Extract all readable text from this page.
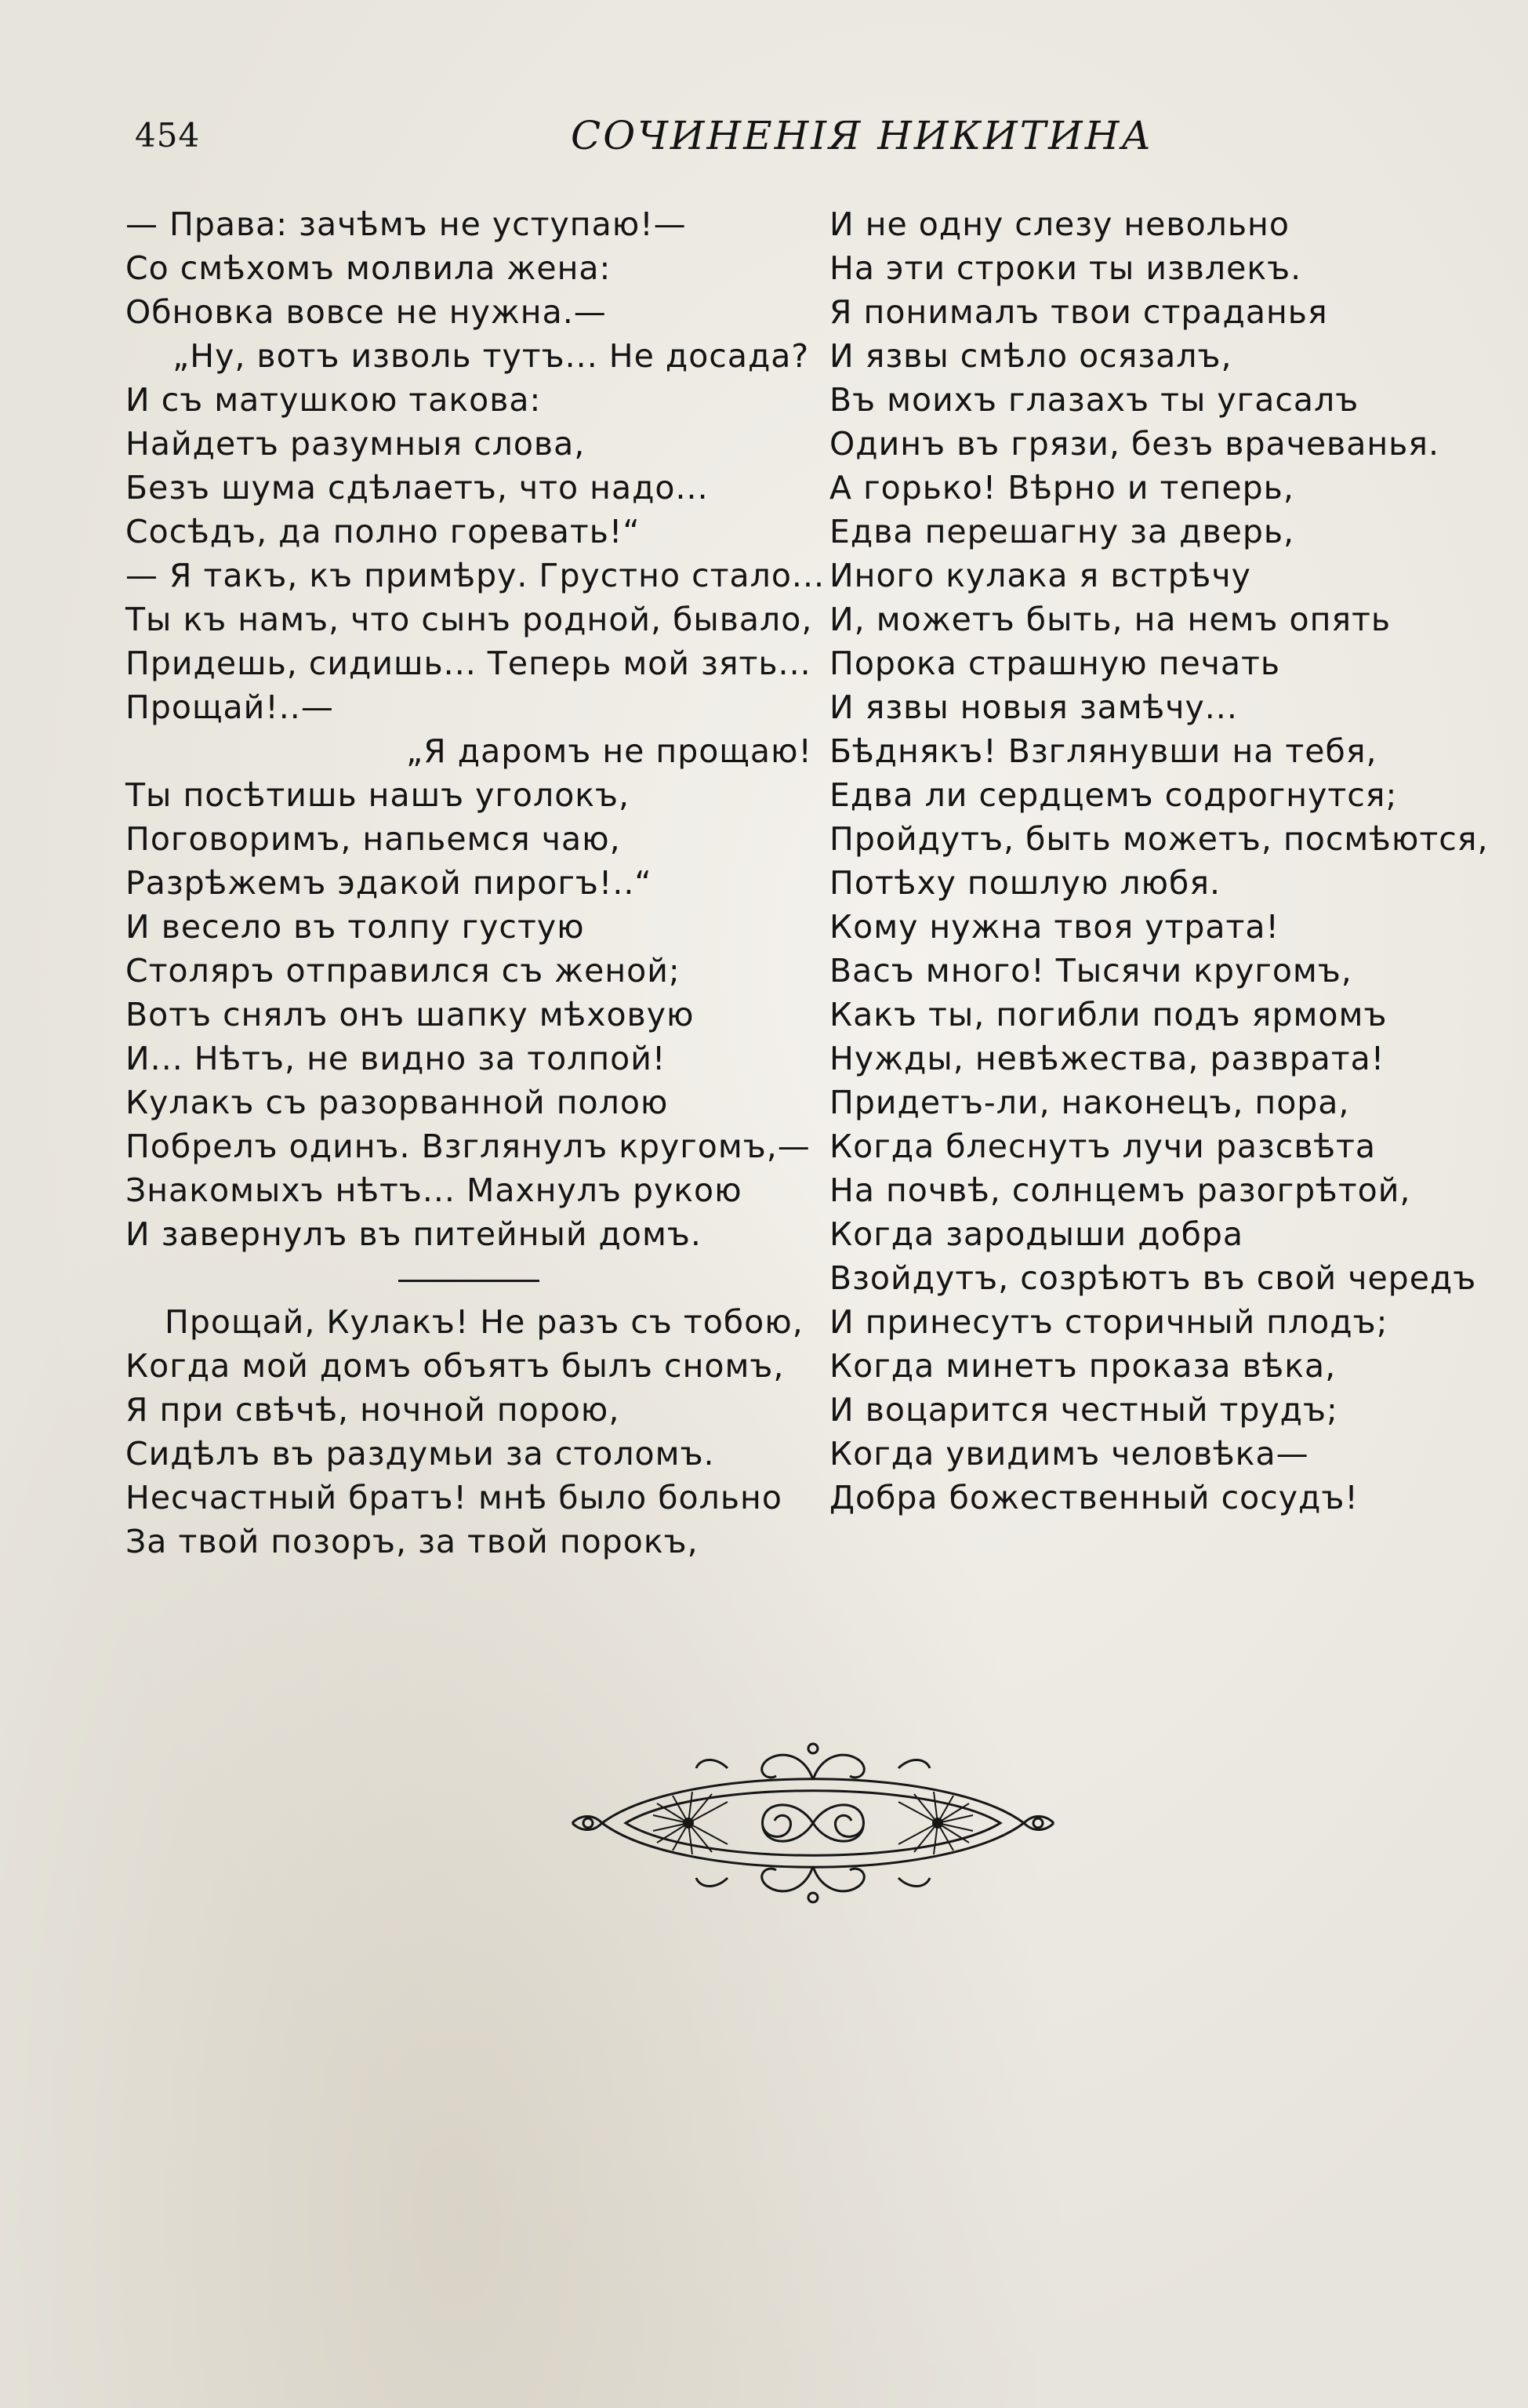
454	СОЧИНЕНІЯ НИКИТИНА
— Права: зачѣмъ не уступаю!—
Со смѣхомъ молвила жена:
Обновка вовсе не нужна.—
„Ну, вотъ изволь тутъ... Не досада?
И съ матушкою такова:
Найдетъ разумныя слова,
Безъ шума сдѣлаетъ, что надо...
Сосѣдъ, да полно горевать!“
— Я такъ, къ примѣру. Грустно стало...
Ты къ намъ, что сынъ родной, бывало,
Придешь, сидишь... Теперь мой зять...
Прощай!..—
„Я даромъ не прощаю!
Ты посѣтишь нашъ уголокъ,
Поговоримъ, напьемся чаю,
Разрѣжемъ эдакой пирогъ!..“
И весело въ толпу густую
Столяръ отправился съ женой;
Вотъ снялъ онъ шапку мѣховую
И... Нѣтъ, не видно за толпой!
Кулакъ съ разорванной полою
Побрелъ одинъ. Взглянулъ кругомъ,—
Знакомыхъ нѣтъ... Махнулъ рукою
И завернулъ въ питейный домъ.
Прощай, Кулакъ! Не разъ съ тобою,
Когда мой домъ объятъ былъ сномъ,
Я при свѣчѣ, ночной порою,
Сидѣлъ въ раздумьи за столомъ.
Несчастный братъ! мнѣ было больно
За твой позоръ, за твой порокъ,
И не одну слезу невольно
На эти строки ты извлекъ.
Я понималъ твои страданья
И язвы смѣло осязалъ,
Въ моихъ глазахъ ты угасалъ
Одинъ въ грязи, безъ врачеванья.
А горько! Вѣрно и теперь,
Едва перешагну за дверь,
Иного кулака я встрѣчу
И, можетъ быть, на немъ опять
Порока страшную печать
И язвы новыя замѣчу...
Бѣднякъ! Взглянувши на тебя,
Едва ли сердцемъ содрогнутся;
Пройдутъ, быть можетъ, посмѣются,
Потѣху пошлую любя.
Кому нужна твоя утрата!
Васъ много! Тысячи кругомъ,
Какъ ты, погибли подъ ярмомъ
Нужды, невѣжества, разврата!
Придетъ-ли, наконецъ, пора,
Когда блеснутъ лучи разсвѣта
На почвѣ, солнцемъ разогрѣтой,
Когда зародыши добра
Взойдутъ, созрѣютъ въ свой чередъ
И принесутъ сторичный плодъ;
Когда минетъ проказа вѣка,
И воцарится честный трудъ;
Когда увидимъ человѣка—
Добра божественный сосудъ!
